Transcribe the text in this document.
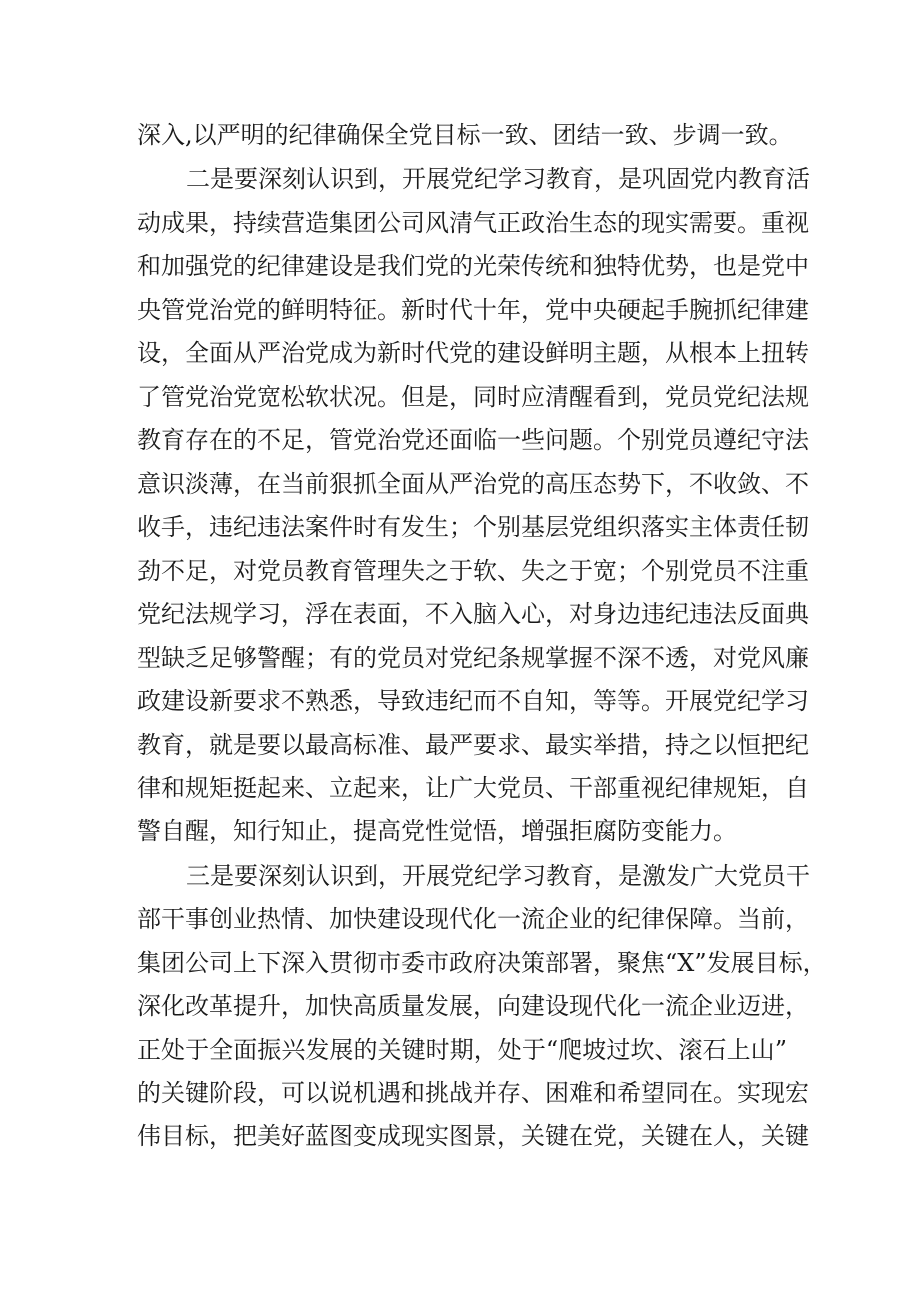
深入,以严明的纪律确保全党目标一致、团结一致、步调一致。
二是要深刻认识到，开展党纪学习教育，是巩固党内教育活
动成果，持续营造集团公司风清气正政治生态的现实需要。重视
和加强党的纪律建设是我们党的光荣传统和独特优势，也是党中
央管党治党的鲜明特征。新时代十年，党中央硬起手腕抓纪律建
设，全面从严治党成为新时代党的建设鲜明主题，从根本上扭转
了管党治党宽松软状况。但是，同时应清醒看到，党员党纪法规
教育存在的不足，管党治党还面临一些问题。个别党员遵纪守法
意识淡薄，在当前狠抓全面从严治党的高压态势下，不收敛、不
收手，违纪违法案件时有发生；个别基层党组织落实主体责任韧
劲不足，对党员教育管理失之于软、失之于宽；个别党员不注重
党纪法规学习，浮在表面，不入脑入心，对身边违纪违法反面典
型缺乏足够警醒；有的党员对党纪条规掌握不深不透，对党风廉
政建设新要求不熟悉，导致违纪而不自知，等等。开展党纪学习
教育，就是要以最高标准、最严要求、最实举措，持之以恒把纪
律和规矩挺起来、立起来，让广大党员、干部重视纪律规矩，自
警自醒，知行知止，提高党性觉悟，增强拒腐防变能力。
三是要深刻认识到，开展党纪学习教育，是激发广大党员干
部干事创业热情、加快建设现代化一流企业的纪律保障。当前，
集团公司上下深入贯彻市委市政府决策部署，聚焦“X”发展目标，
深化改革提升，加快高质量发展，向建设现代化一流企业迈进，
正处于全面振兴发展的关键时期，处于“爬坡过坎、滚石上山”
的关键阶段，可以说机遇和挑战并存、困难和希望同在。实现宏
伟目标，把美好蓝图变成现实图景，关键在党，关键在人，关键
